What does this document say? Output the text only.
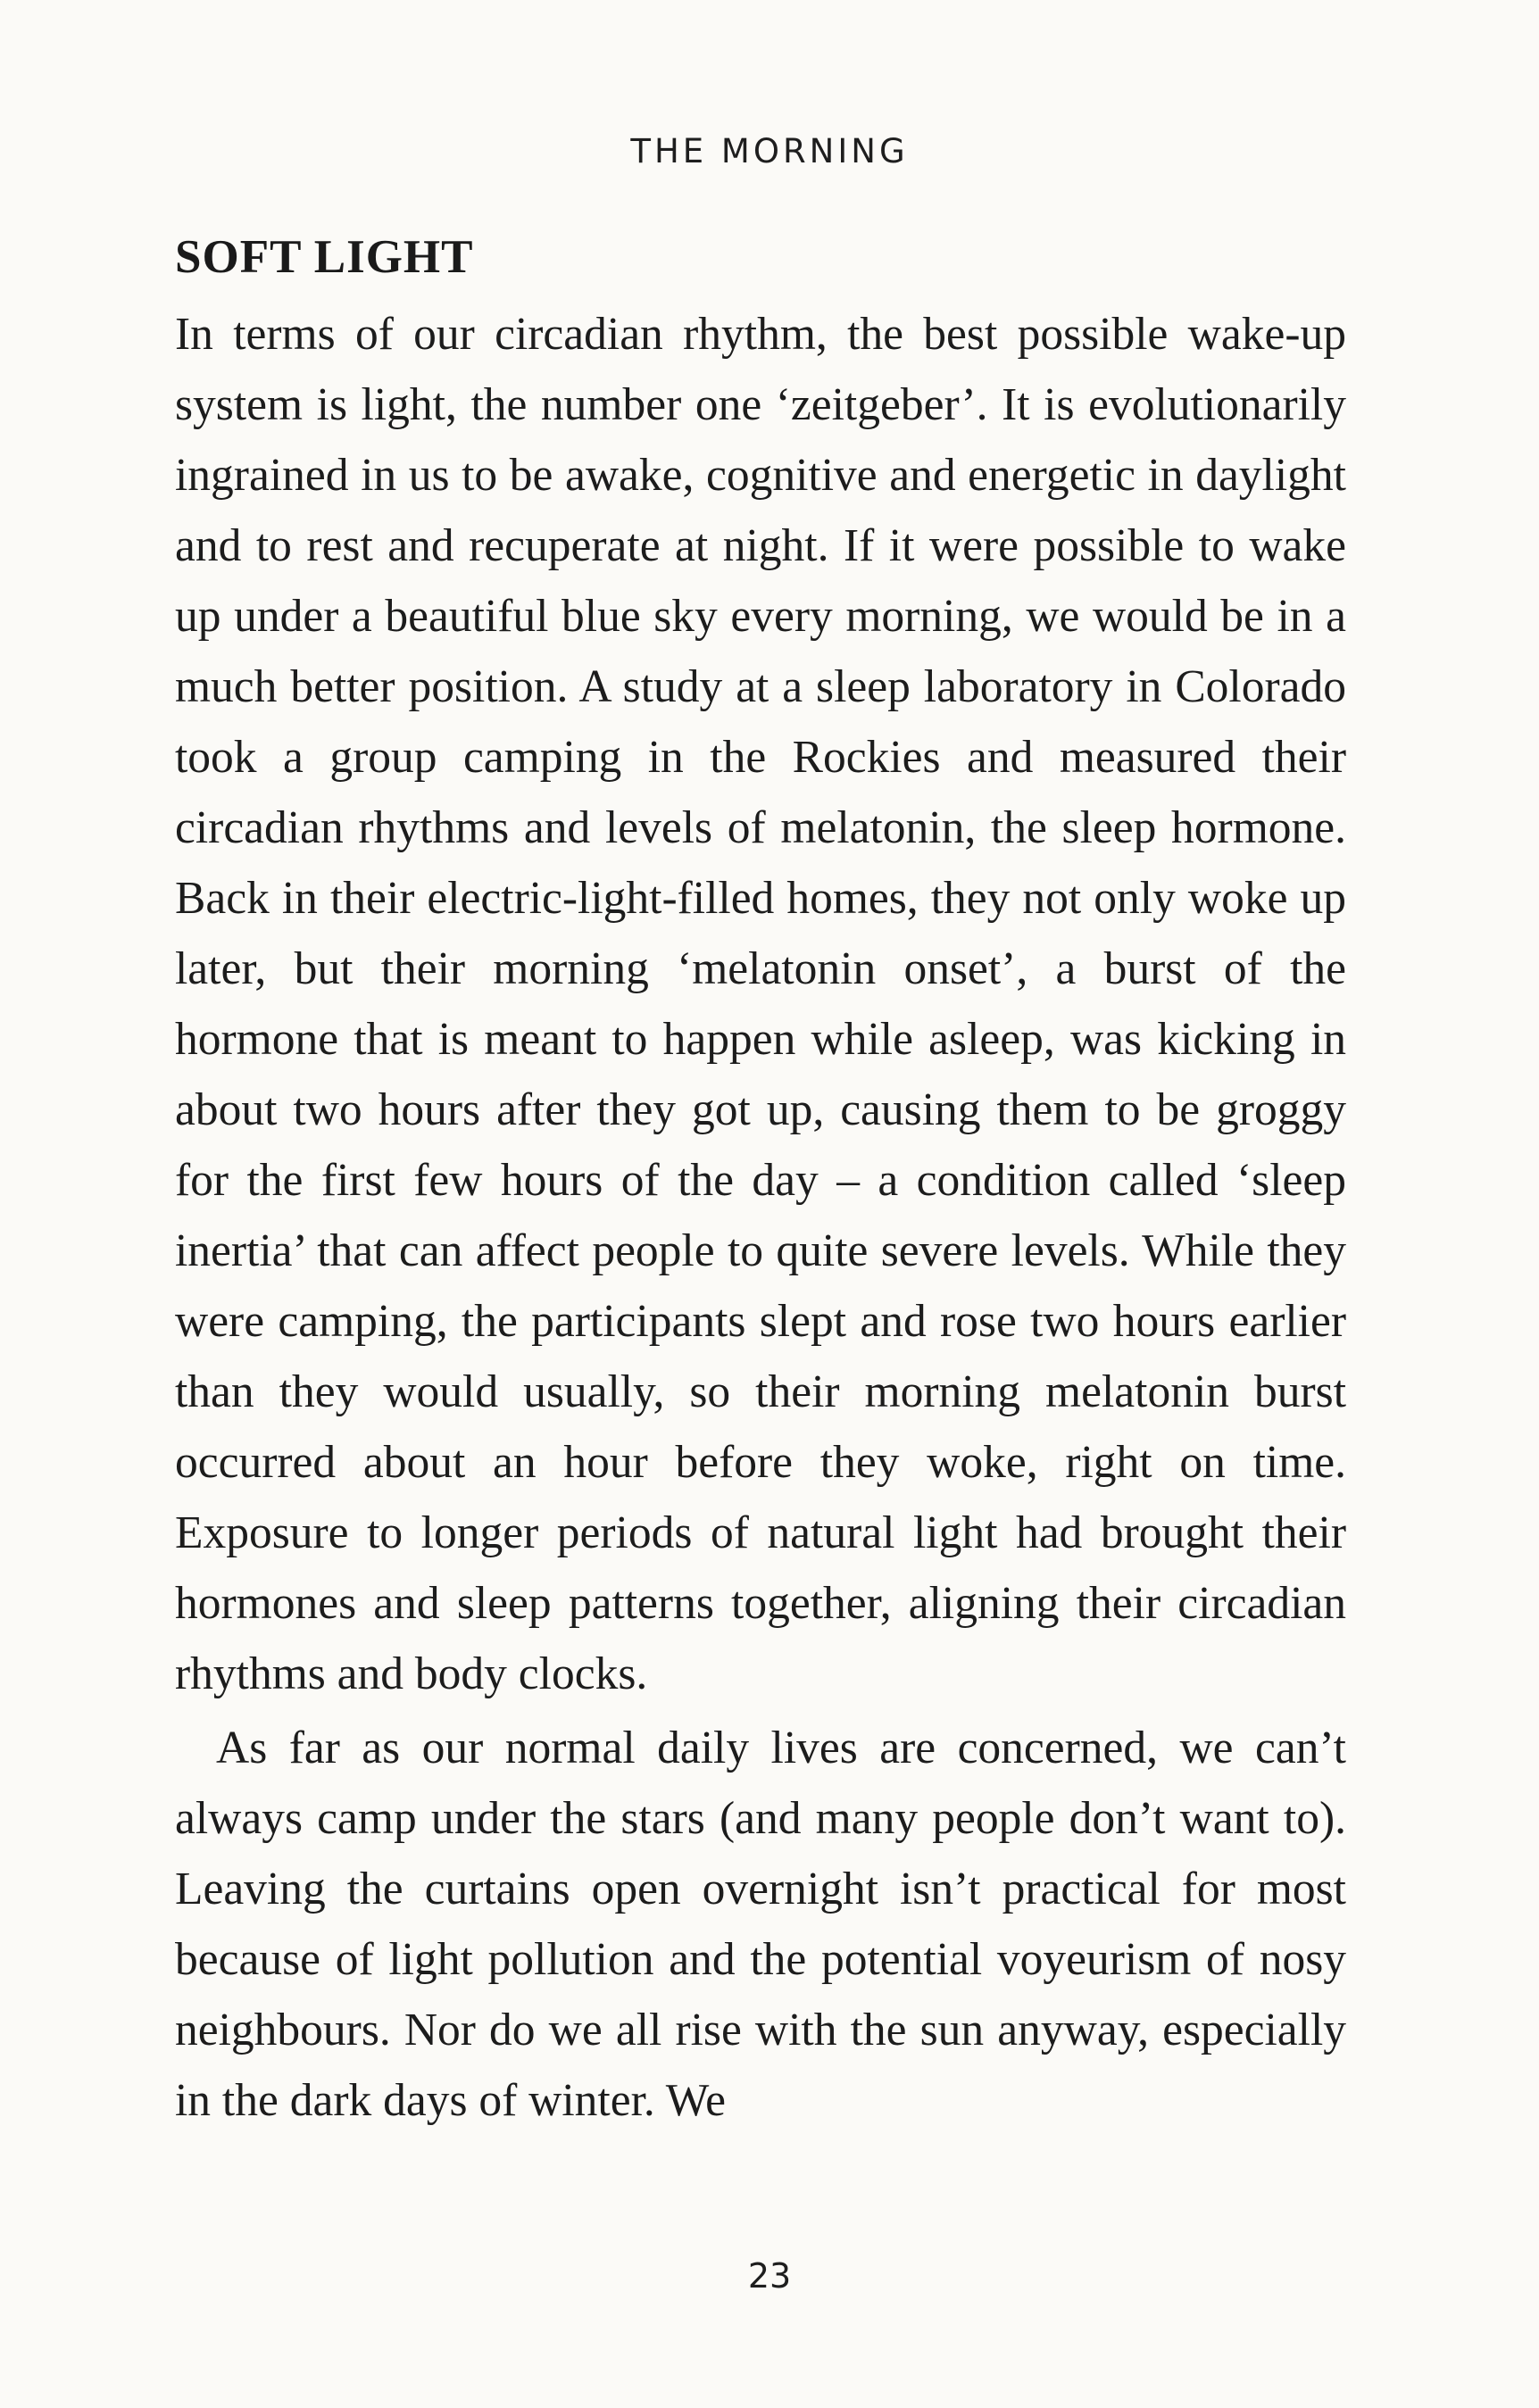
THE MORNING
SOFT LIGHT

In terms of our circadian rhythm, the best possible wake-up system is light, the number one ‘zeitgeber’. It is evolutionarily ingrained in us to be awake, cognitive and energetic in daylight and to rest and recuperate at night. If it were possible to wake up under a beautiful blue sky every morning, we would be in a much better position. A study at a sleep laboratory in Colorado took a group camping in the Rockies and measured their circadian rhythms and levels of melatonin, the sleep hormone. Back in their electric-light-filled homes, they not only woke up later, but their morning ‘melatonin onset’, a burst of the hormone that is meant to happen while asleep, was kicking in about two hours after they got up, causing them to be groggy for the first few hours of the day – a condition called ‘sleep inertia’ that can affect people to quite severe levels. While they were camping, the participants slept and rose two hours earlier than they would usually, so their morning melatonin burst occurred about an hour before they woke, right on time. Exposure to longer periods of natural light had brought their hormones and sleep patterns together, aligning their circadian rhythms and body clocks.

As far as our normal daily lives are concerned, we can’t always camp under the stars (and many people don’t want to). Leaving the curtains open overnight isn’t practical for most because of light pollution and the potential voyeurism of nosy neighbours. Nor do we all rise with the sun anyway, especially in the dark days of winter. We

23
